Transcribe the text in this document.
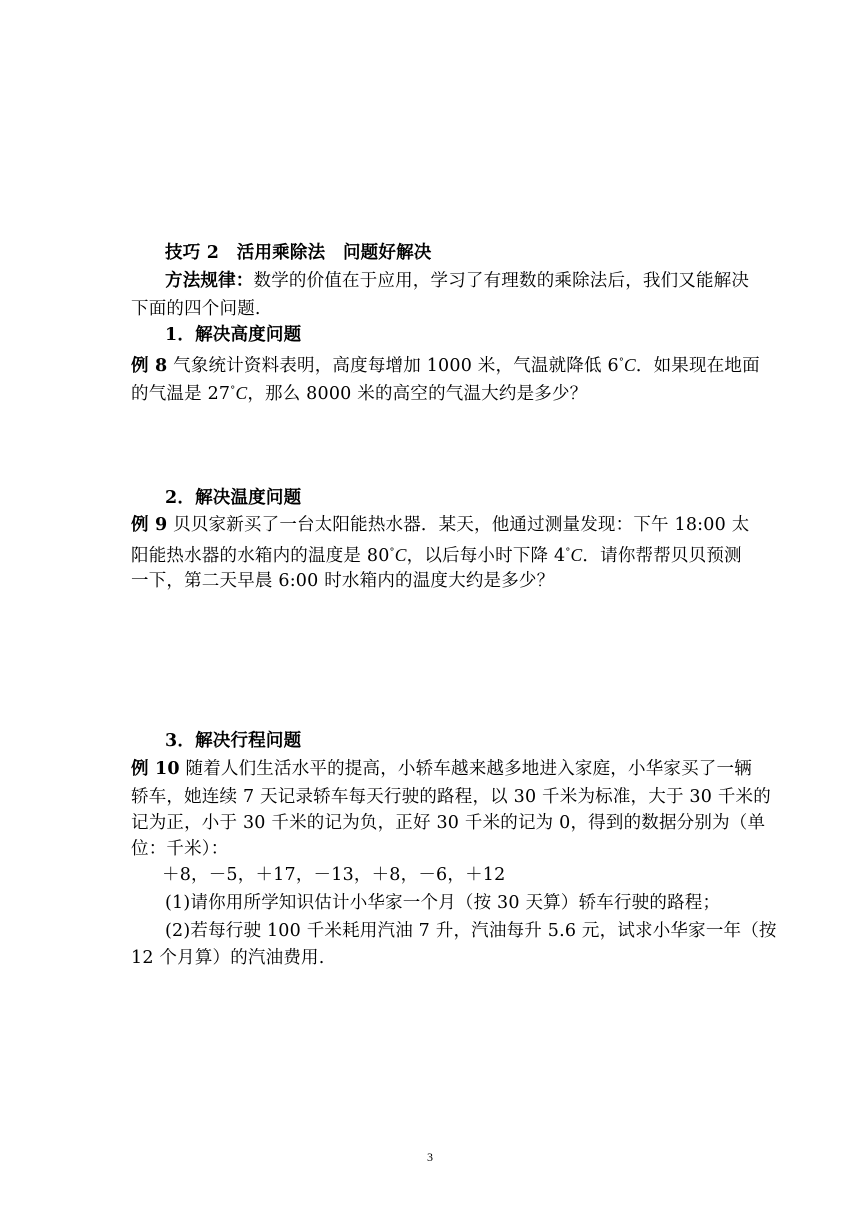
技巧 2　活用乘除法　问题好解决
方法规律：数学的价值在于应用，学习了有理数的乘除法后，我们又能解决
下面的四个问题.
1．解决高度问题
例 8 气象统计资料表明，高度每增加 1000 米，气温就降低 6°C．如果现在地面
的气温是 27°C，那么 8000 米的高空的气温大约是多少？
2．解决温度问题
例 9 贝贝家新买了一台太阳能热水器．某天，他通过测量发现：下午 18:00 太
阳能热水器的水箱内的温度是 80°C，以后每小时下降 4°C．请你帮帮贝贝预测
一下，第二天早晨 6:00 时水箱内的温度大约是多少？
3．解决行程问题
例 10 随着人们生活水平的提高，小轿车越来越多地进入家庭，小华家买了一辆
轿车，她连续 7 天记录轿车每天行驶的路程，以 30 千米为标准，大于 30 千米的
记为正，小于 30 千米的记为负，正好 30 千米的记为 0，得到的数据分别为（单
位：千米）：
＋8，－5，＋17，－13，＋8，－6，＋12
(1)请你用所学知识估计小华家一个月（按 30 天算）轿车行驶的路程；
(2)若每行驶 100 千米耗用汽油 7 升，汽油每升 5.6 元，试求小华家一年（按
12 个月算）的汽油费用.
3
